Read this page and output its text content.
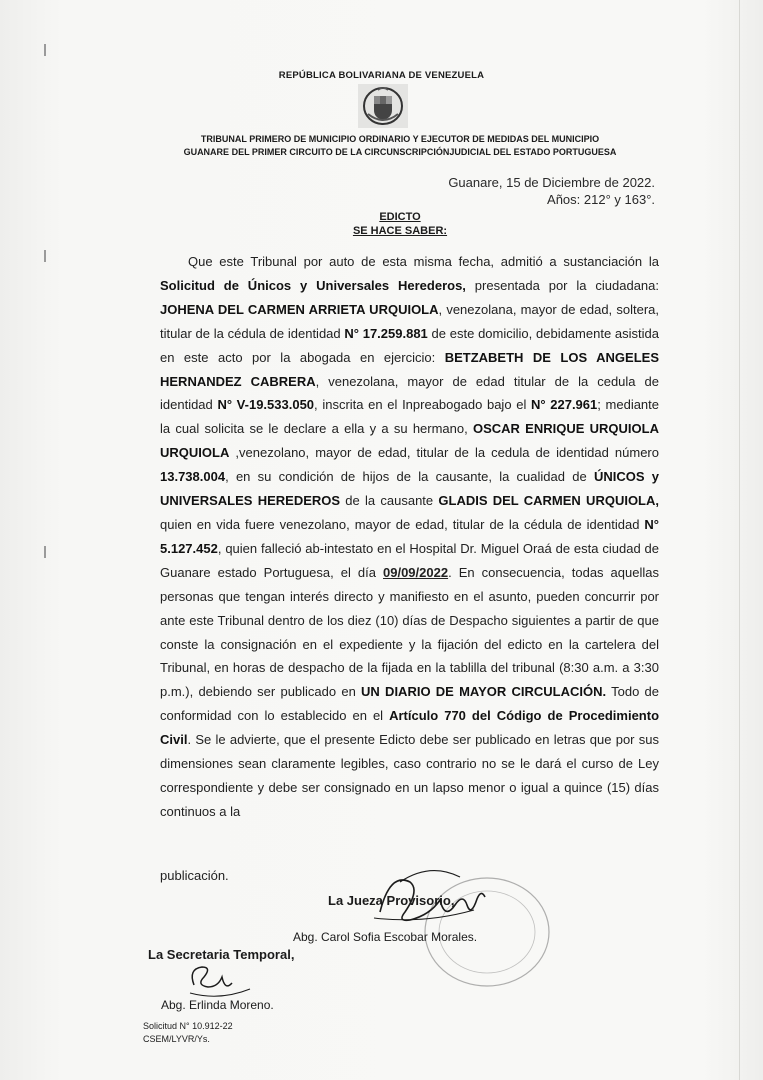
REPÚBLICA BOLIVARIANA DE VENEZUELA
TRIBUNAL PRIMERO DE MUNICIPIO ORDINARIO Y EJECUTOR DE MEDIDAS DEL MUNICIPIO
GUANARE DEL PRIMER CIRCUITO DE LA CIRCUNSCRIPCIÓNJUDICIAL DEL ESTADO PORTUGUESA
Guanare, 15 de Diciembre de 2022.
Años: 212° y 163°.
EDICTO
SE HACE SABER:

Que este Tribunal por auto de esta misma fecha, admitió a sustanciación la Solicitud de Únicos y Universales Herederos, presentada por la ciudadana: JOHENA DEL CARMEN ARRIETA URQUIOLA, venezolana, mayor de edad, soltera, titular de la cédula de identidad N° 17.259.881 de este domicilio, debidamente asistida en este acto por la abogada en ejercicio: BETZABETH DE LOS ANGELES HERNANDEZ CABRERA, venezolana, mayor de edad titular de la cedula de identidad N° V-19.533.050, inscrita en el Inpreabogado bajo el N° 227.961; mediante la cual solicita se le declare a ella y a su hermano, OSCAR ENRIQUE URQUIOLA URQUIOLA ,venezolano, mayor de edad, titular de la cedula de identidad número 13.738.004, en su condición de hijos de la causante, la cualidad de ÚNICOS y UNIVERSALES HEREDEROS de la causante GLADIS DEL CARMEN URQUIOLA, quien en vida fuere venezolano, mayor de edad, titular de la cédula de identidad N° 5.127.452, quien falleció ab-intestato en el Hospital Dr. Miguel Oraá de esta ciudad de Guanare estado Portuguesa, el día 09/09/2022. En consecuencia, todas aquellas personas que tengan interés directo y manifiesto en el asunto, pueden concurrir por ante este Tribunal dentro de los diez (10) días de Despacho siguientes a partir de que conste la consignación en el expediente y la fijación del edicto en la cartelera del Tribunal, en horas de despacho de la fijada en la tablilla del tribunal (8:30 a.m. a 3:30 p.m.), debiendo ser publicado en UN DIARIO DE MAYOR CIRCULACIÓN. Todo de conformidad con lo establecido en el Artículo 770 del Código de Procedimiento Civil. Se le advierte, que el presente Edicto debe ser publicado en letras que por sus dimensiones sean claramente legibles, caso contrario no se le dará el curso de Ley correspondiente y debe ser consignado en un lapso menor o igual a quince (15) días continuos a la

publicación.
La Jueza Provisorio,
Abg. Carol Sofia Escobar Morales.
La Secretaria Temporal,
Abg. Erlinda Moreno.
Solicitud N° 10.912-22
CSEM/LYVR/Ys.
